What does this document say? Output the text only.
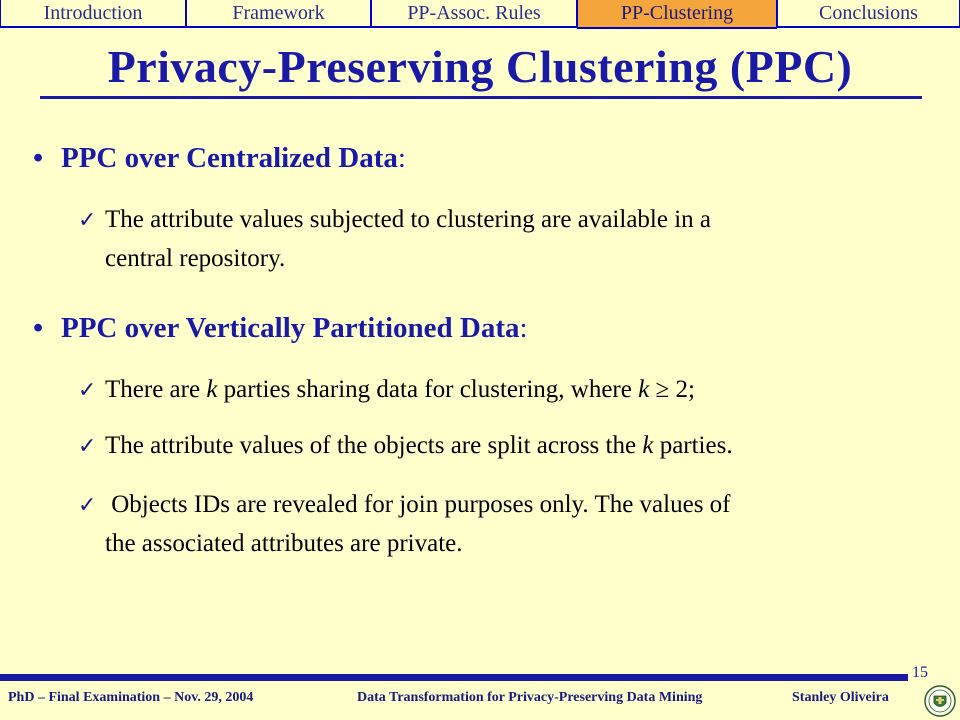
Introduction	Framework	PP-Assoc. Rules	PP-Clustering	Conclusions
Privacy-Preserving Clustering (PPC)
• PPC over Centralized Data:
✓ The attribute values subjected to clustering are available in a
central repository.
• PPC over Vertically Partitioned Data:
✓ There are k parties sharing data for clustering, where k ≥ 2;
✓ The attribute values of the objects are split across the k parties.
✓ Objects IDs are revealed for join purposes only. The values of
the associated attributes are private.
15
PhD – Final Examination – Nov. 29, 2004	Data Transformation for Privacy-Preserving Data Mining	Stanley Oliveira
